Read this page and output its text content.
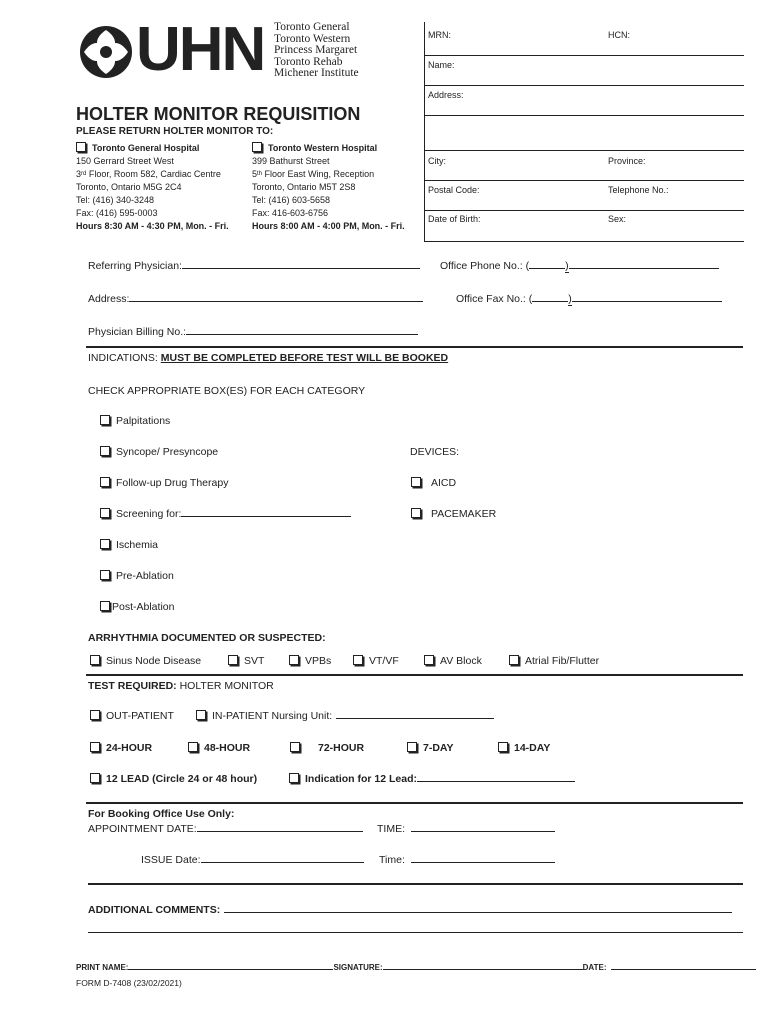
UHN Toronto General
Toronto Western
Princess Margaret
Toronto Rehab
Michener Institute
HOLTER MONITOR REQUISITION
PLEASE RETURN HOLTER MONITOR TO:
Toronto General Hospital
150 Gerrard Street West
3rd Floor, Room 582, Cardiac Centre
Toronto, Ontario M5G 2C4
Tel: (416) 340-3248
Fax: (416) 595-0003
Hours 8:30 AM - 4:30 PM, Mon. - Fri.
Toronto Western Hospital
399 Bathurst Street
5th Floor East Wing, Reception
Toronto, Ontario M5T 2S8
Tel: (416) 603-5658
Fax: 416-603-6756
Hours 8:00 AM - 4:00 PM, Mon. - Fri.
MRN:	HCN:
Name:
Address:
City:	Province:
Postal Code:	Telephone No.:
Date of Birth:	Sex:
Referring Physician:	Office Phone No.: (	)
Address:	Office Fax No.: (	)
Physician Billing No.:
INDICATIONS: MUST BE COMPLETED BEFORE TEST WILL BE BOOKED
CHECK APPROPRIATE BOX(ES) FOR EACH CATEGORY
Palpitations
Syncope/ Presyncope
Follow-up Drug Therapy
Screening for:
Ischemia
Pre-Ablation
Post-Ablation
DEVICES:
AICD
PACEMAKER
ARRHYTHMIA DOCUMENTED OR SUSPECTED:
Sinus Node Disease	SVT	VPBs	VT/VF	AV Block	Atrial Fib/Flutter
TEST REQUIRED: HOLTER MONITOR
OUT-PATIENT	IN-PATIENT Nursing Unit:
24-HOUR	48-HOUR	72-HOUR	7-DAY	14-DAY
12 LEAD (Circle 24 or 48 hour)	Indication for 12 Lead:
For Booking Office Use Only:
APPOINTMENT DATE:	TIME:
ISSUE Date:	Time:
ADDITIONAL COMMENTS:
PRINT NAME:	SIGNATURE:	DATE:
FORM D-7408 (23/02/2021)
